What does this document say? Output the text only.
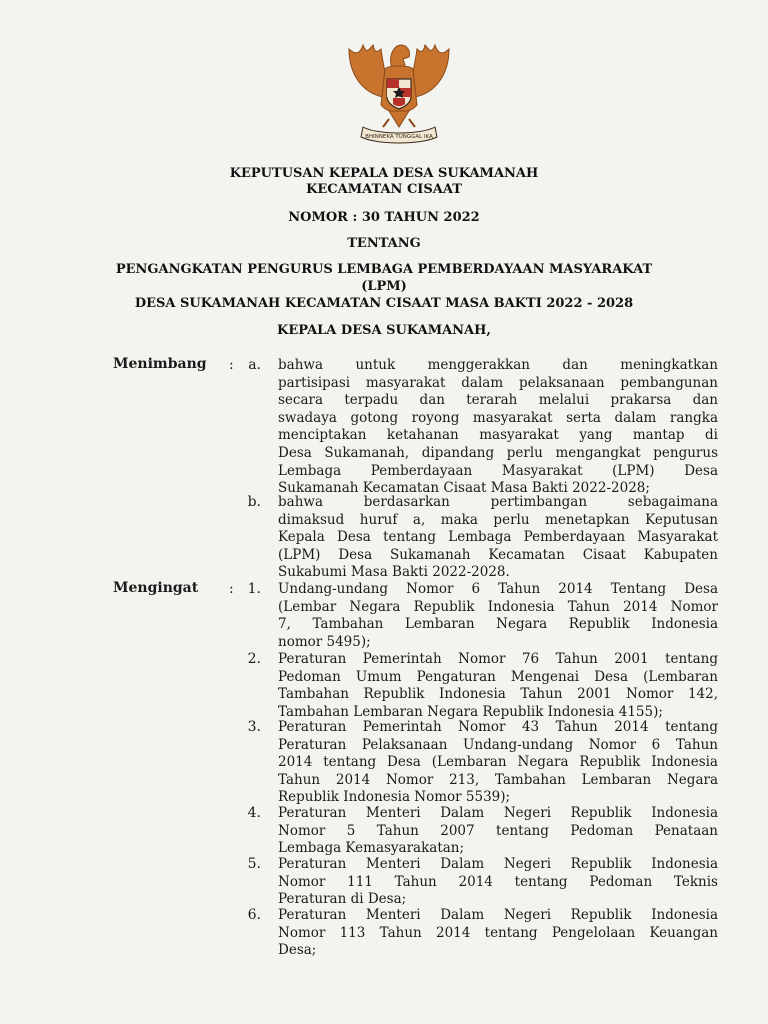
BHINNEKA TUNGGAL IKA
KEPUTUSAN KEPALA DESA SUKAMANAH
KECAMATAN CISAAT
NOMOR : 30 TAHUN 2022
TENTANG
PENGANGKATAN PENGURUS LEMBAGA PEMBERDAYAAN MASYARAKAT
(LPM)
DESA SUKAMANAH KECAMATAN CISAAT MASA BAKTI 2022 - 2028
KEPALA DESA SUKAMANAH,
Menimbang :	a. bahwa untuk menggerakkan dan meningkatkan
partisipasi masyarakat dalam pelaksanaan pembangunan
secara terpadu dan terarah melalui prakarsa dan
swadaya gotong royong masyarakat serta dalam rangka
menciptakan ketahanan masyarakat yang mantap di
Desa Sukamanah, dipandang perlu mengangkat pengurus
Lembaga Pemberdayaan Masyarakat (LPM) Desa
Sukamanah Kecamatan Cisaat Masa Bakti 2022-2028;
b. bahwa berdasarkan pertimbangan sebagaimana
dimaksud huruf a, maka perlu menetapkan Keputusan
Kepala Desa tentang Lembaga Pemberdayaan Masyarakat
(LPM) Desa Sukamanah Kecamatan Cisaat Kabupaten
Sukabumi Masa Bakti 2022-2028.
Mengingat : 1. Undang-undang Nomor 6 Tahun 2014 Tentang Desa
(Lembar Negara Republik Indonesia Tahun 2014 Nomor
7, Tambahan Lembaran Negara Republik Indonesia
nomor 5495);
2. Peraturan Pemerintah Nomor 76 Tahun 2001 tentang
Pedoman Umum Pengaturan Mengenai Desa (Lembaran
Tambahan Republik Indonesia Tahun 2001 Nomor 142,
Tambahan Lembaran Negara Republik Indonesia 4155);
3. Peraturan Pemerintah Nomor 43 Tahun 2014 tentang
Peraturan Pelaksanaan Undang-undang Nomor 6 Tahun
2014 tentang Desa (Lembaran Negara Republik Indonesia
Tahun 2014 Nomor 213, Tambahan Lembaran Negara
Republik Indonesia Nomor 5539);
4. Peraturan Menteri Dalam Negeri Republik Indonesia
Nomor 5 Tahun 2007 tentang Pedoman Penataan
Lembaga Kemasyarakatan;
5. Peraturan Menteri Dalam Negeri Republik Indonesia
Nomor 111 Tahun 2014 tentang Pedoman Teknis
Peraturan di Desa;
6. Peraturan Menteri Dalam Negeri Republik Indonesia
Nomor 113 Tahun 2014 tentang Pengelolaan Keuangan
Desa;
